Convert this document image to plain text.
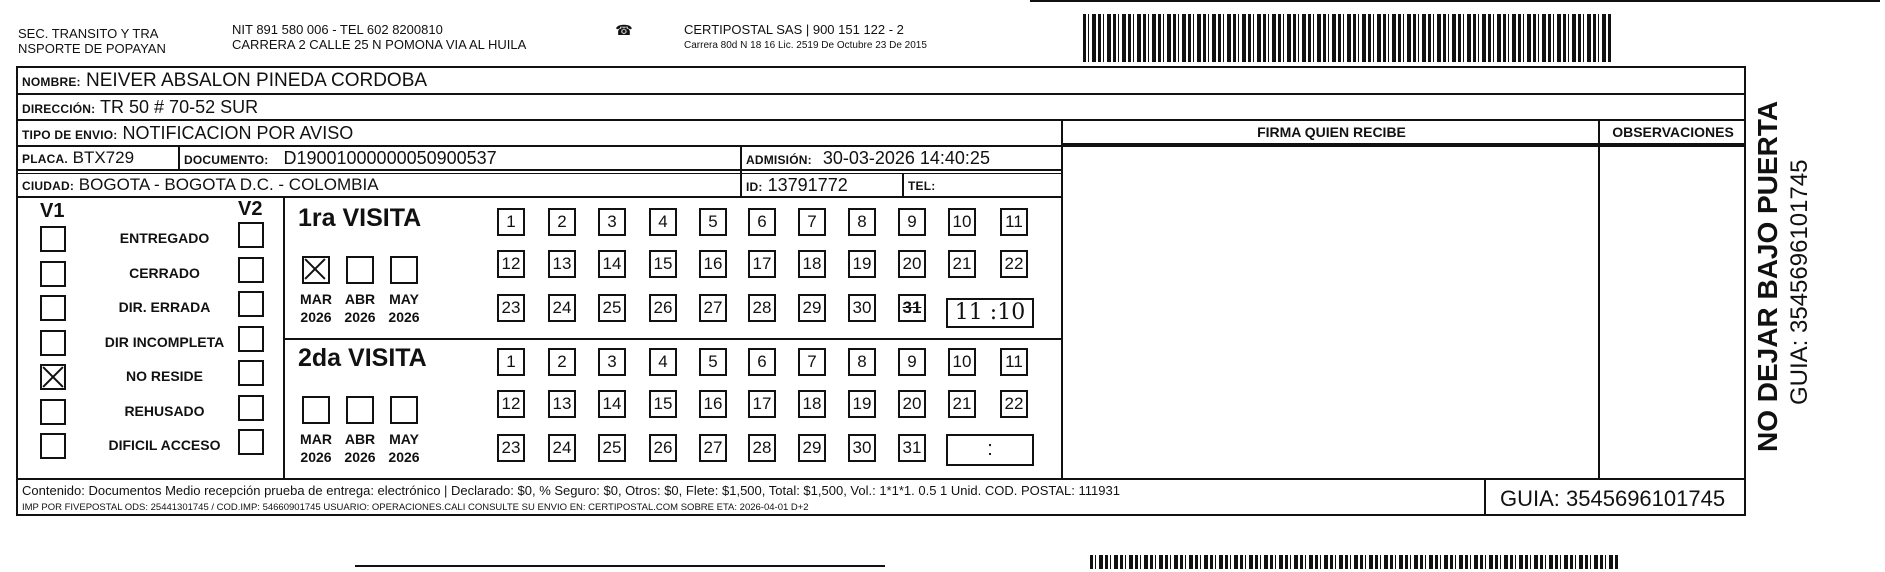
SEC. TRANSITO Y TRA
NSPORTE DE POPAYAN
NIT 891 580 006 - TEL 602 8200810
CARRERA 2 CALLE 25 N POMONA VIA AL HUILA
☎	CERTIPOSTAL SAS | 900 151 122 - 2
Carrera 80d N 18 16 Lic. 2519 De Octubre 23 De 2015
NOMBRE: NEIVER ABSALON PINEDA CORDOBA
DIRECCIÓN: TR 50 # 70-52 SUR
TIPO DE ENVIO: NOTIFICACION POR AVISO
PLACA. BTX729	DOCUMENTO: D19001000000050900537	ADMISIÓN: 30-03-2026 14:40:25
CIUDAD: BOGOTA - BOGOTA D.C. - COLOMBIA	ID: 13791772	TEL:
FIRMA QUIEN RECIBE	OBSERVACIONES
V1	V2
ENTREGADO
CERRADO
DIR. ERRADA
DIR INCOMPLETA
NO RESIDE
REHUSADO
DIFICIL ACCESO
1ra VISITA
MAR
2026
ABR
2026
MAY
2026
1	2	3	4	5	6	7	8	9	10	11
12 13 14 15 16 17 18 19 20 21 22
23 24 25 26 27 28 29 30 31	11 :10
2da VISITA
MAR
2026
ABR
2026
MAY
2026
1	2	3	4	5	6	7	8	9	10	11
12 13 14 15 16 17 18 19 20 21 22
23 24 25 26 27 28 29 30 31	:
Contenido: Documentos Medio recepción prueba de entrega: electrónico | Declarado: $0, % Seguro: $0, Otros: $0, Flete: $1,500, Total: $1,500, Vol.: 1*1*1. 0.5 1 Unid. COD. POSTAL: 111931
IMP POR FIVEPOSTAL ODS: 25441301745 / COD.IMP: 54660901745 USUARIO: OPERACIONES.CALI CONSULTE SU ENVIO EN: CERTIPOSTAL.COM SOBRE ETA: 2026-04-01 D+2	GUIA: 3545696101745
NO DEJAR BAJO PUERTA GUIA: 3545696101745
